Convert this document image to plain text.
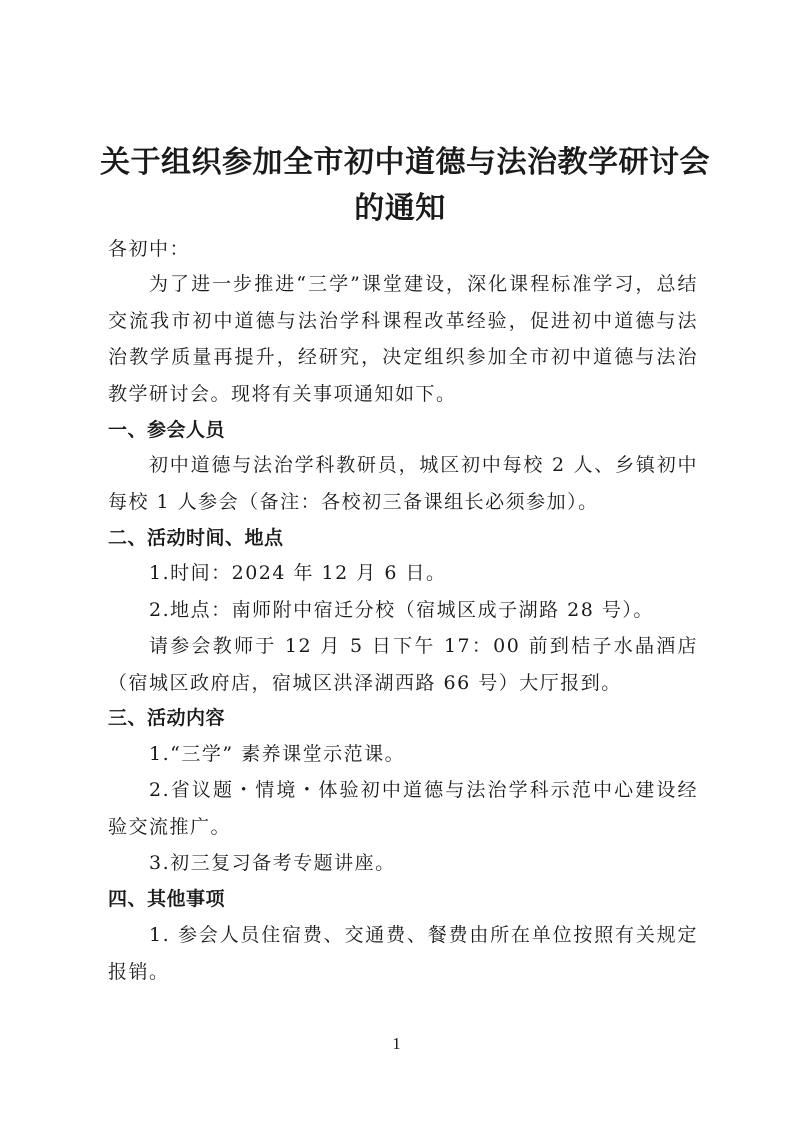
关于组织参加全市初中道德与法治教学研讨会
的通知
各初中：
为了进一步推进“三学”课堂建设，深化课程标准学习，总结交流我市初中道德与法治学科课程改革经验，促进初中道德与法治教学质量再提升，经研究，决定组织参加全市初中道德与法治教学研讨会。现将有关事项通知如下。
一、参会人员
初中道德与法治学科教研员，城区初中每校 2 人、乡镇初中每校 1 人参会（备注：各校初三备课组长必须参加）。
二、活动时间、地点
1.时间：2024 年 12 月 6 日。
2.地点：南师附中宿迁分校（宿城区成子湖路 28 号）。
请参会教师于 12 月 5 日下午 17：00 前到桔子水晶酒店（宿城区政府店，宿城区洪泽湖西路 66 号）大厅报到。
三、活动内容
1.“三学” 素养课堂示范课。
2.省议题・情境・体验初中道德与法治学科示范中心建设经验交流推广。
3.初三复习备考专题讲座。
四、其他事项
1. 参会人员住宿费、交通费、餐费由所在单位按照有关规定报销。
1
